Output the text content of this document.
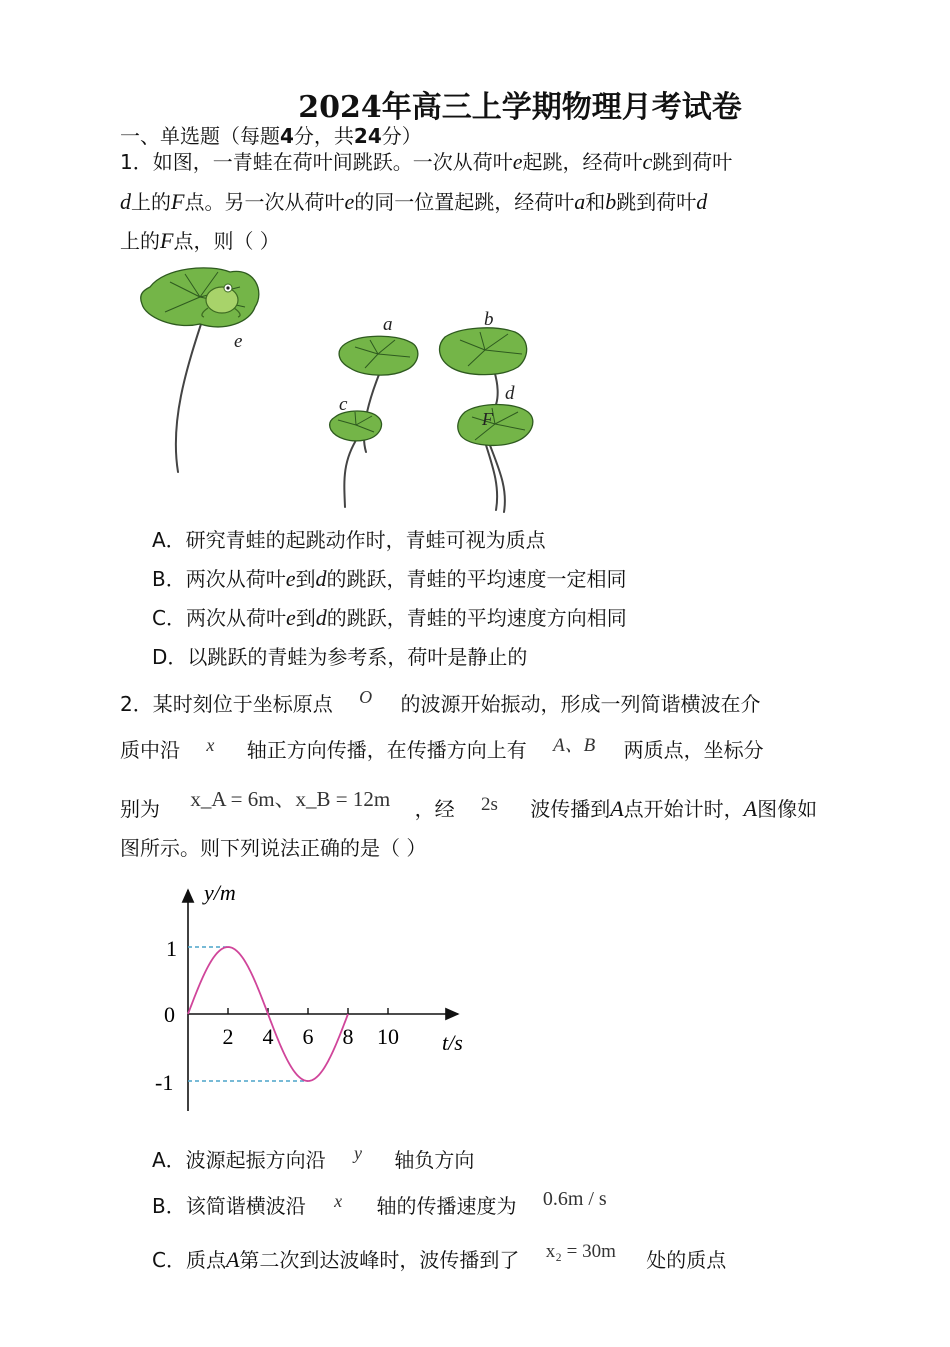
2024年高三上学期物理月考试卷
一、单选题（每题4分，共24分）
1．如图，一青蛙在荷叶间跳跃。一次从荷叶e起跳，经荷叶c跳到荷叶
d上的F点。另一次从荷叶e的同一位置起跳，经荷叶a和b跳到荷叶d
上的F点，则（ ）
e
a	b
c
d
F
A．研究青蛙的起跳动作时，青蛙可视为质点
B．两次从荷叶e到d的跳跃，青蛙的平均速度一定相同
C．两次从荷叶e到d的跳跃，青蛙的平均速度方向相同
D．以跳跃的青蛙为参考系，荷叶是静止的
2．某时刻位于坐标原点 O 的波源开始振动，形成一列简谐横波在介
质中沿 x 轴正方向传播，在传播方向上有 A、B 两质点，坐标分
别为 x_A = 6m、x_B = 12m ，经 2s 波传播到A点开始计时，A图像如
图所示。则下列说法正确的是（ ）
2 4 6 8 10
y/m
t/s
1
0
-1
A．波源起振方向沿 y 轴负方向
B．该简谐横波沿 x 轴的传播速度为 0.6m / s
C．质点A第二次到达波峰时，波传播到了 x₂ = 30m 处的质点
